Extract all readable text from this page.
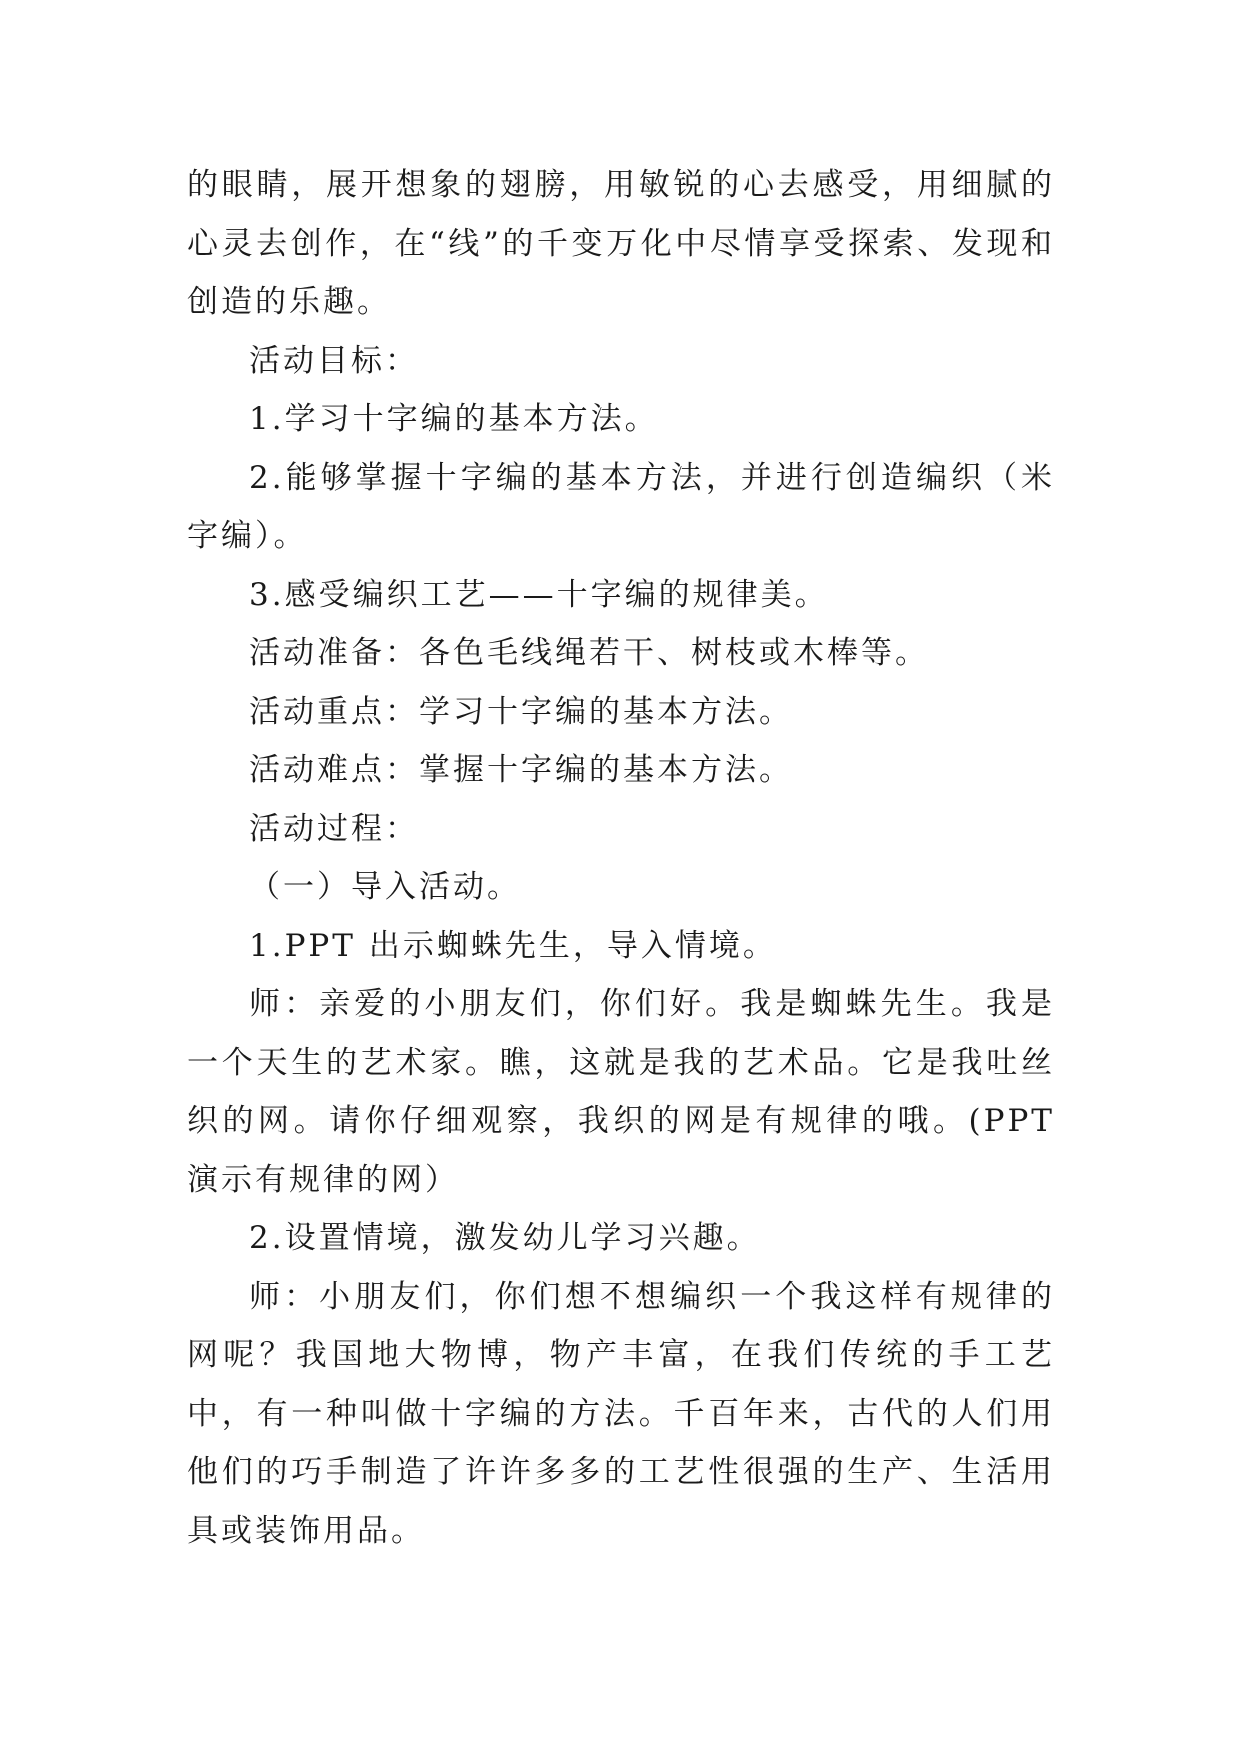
的眼睛，展开想象的翅膀，用敏锐的心去感受，用细腻的心灵去创作，在“线”的千变万化中尽情享受探索、发现和创造的乐趣。

活动目标：

1.学习十字编的基本方法。

2.能够掌握十字编的基本方法，并进行创造编织（米字编）。

3.感受编织工艺——十字编的规律美。

活动准备：各色毛线绳若干、树枝或木棒等。

活动重点：学习十字编的基本方法。

活动难点：掌握十字编的基本方法。

活动过程：

（一）导入活动。

1.PPT 出示蜘蛛先生，导入情境。

师：亲爱的小朋友们，你们好。我是蜘蛛先生。我是一个天生的艺术家。瞧，这就是我的艺术品。它是我吐丝织的网。请你仔细观察，我织的网是有规律的哦。(PPT 演示有规律的网）

2.设置情境，激发幼儿学习兴趣。

师：小朋友们，你们想不想编织一个我这样有规律的网呢？我国地大物博，物产丰富，在我们传统的手工艺中，有一种叫做十字编的方法。千百年来，古代的人们用他们的巧手制造了许许多多的工艺性很强的生产、生活用具或装饰用品。
